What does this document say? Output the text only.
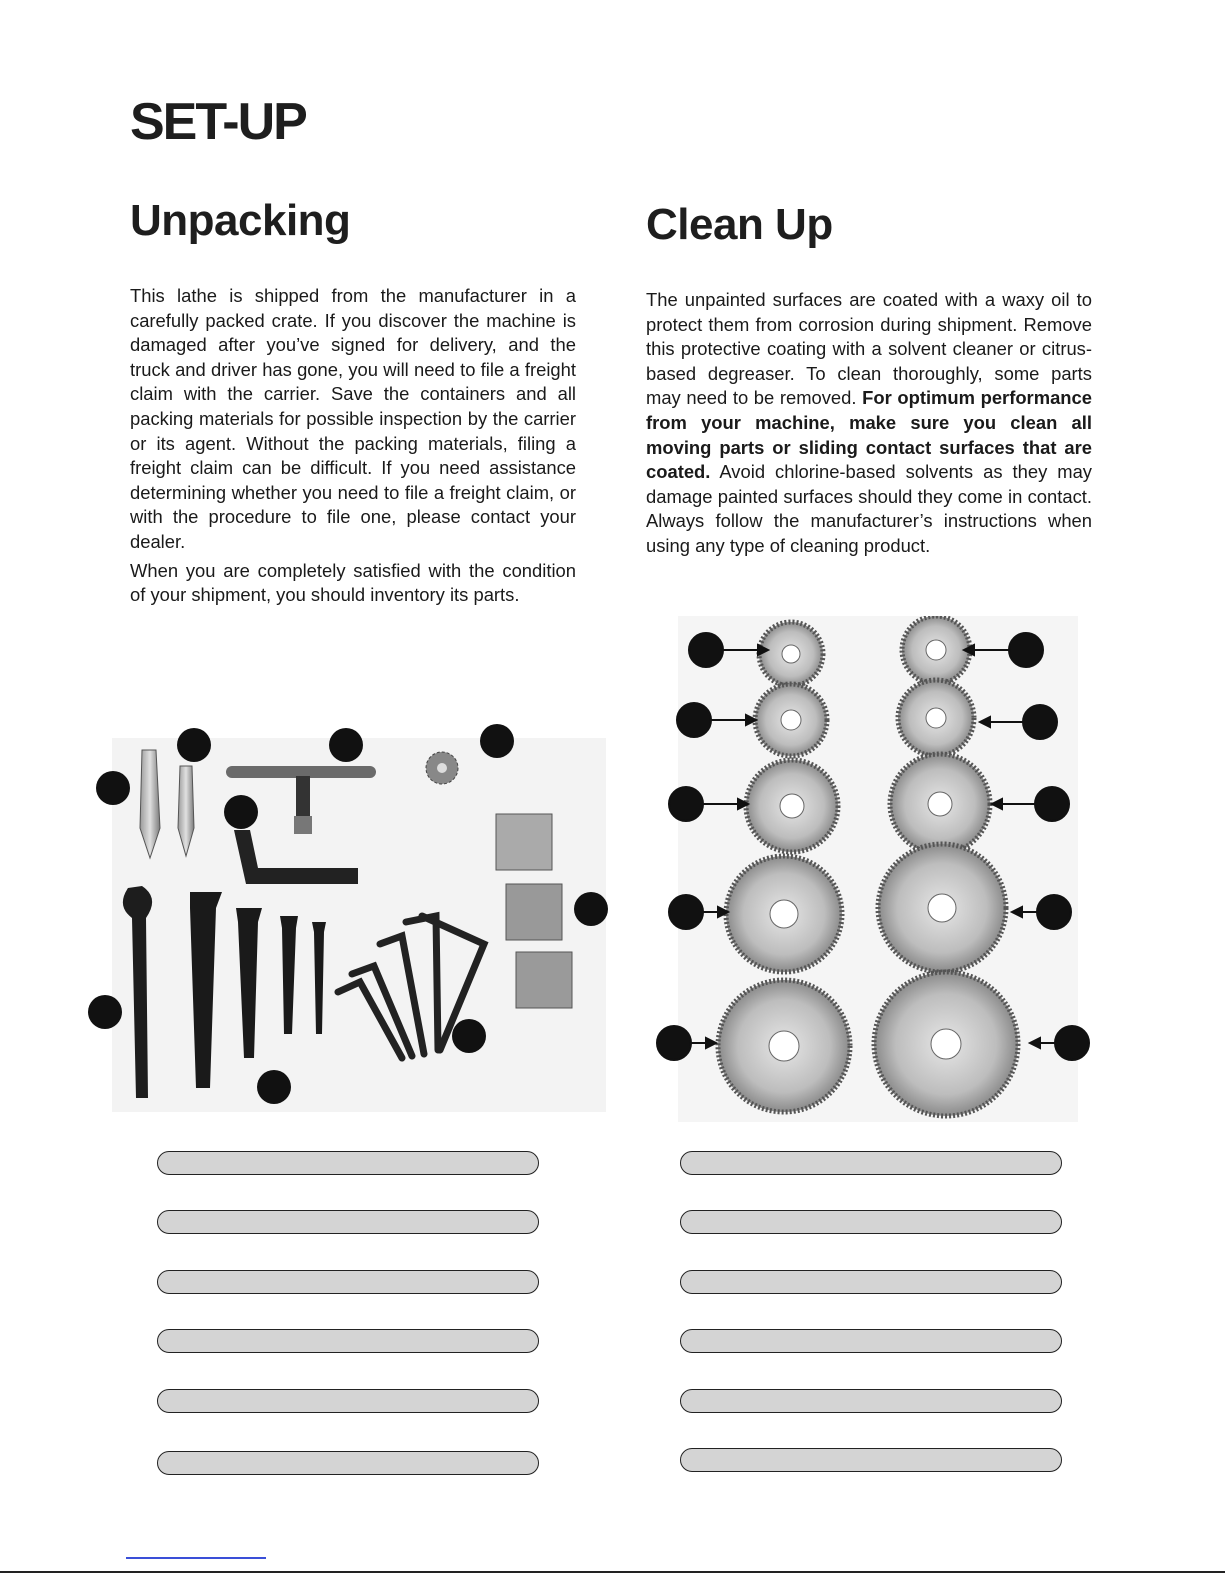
SET-UP
Unpacking

This lathe is shipped from the manufacturer in a carefully packed crate. If you discover the machine is damaged after you’ve signed for delivery, and the truck and driver has gone, you will need to file a freight claim with the carrier. Save the containers and all packing materials for possible inspection by the carrier or its agent. Without the packing materials, filing a freight claim can be difficult. If you need assistance determining whether you need to file a freight claim, or with the procedure to file one, please contact your dealer.

When you are completely satisfied with the condition of your shipment, you should inventory its parts.

Clean Up

The unpainted surfaces are coated with a waxy oil to protect them from corrosion during shipment. Remove this protective coating with a solvent cleaner or citrus-based degreaser. To clean thoroughly, some parts may need to be removed. For optimum performance from your machine, make sure you clean all moving parts or sliding contact surfaces that are coated. Avoid chlorine-based solvents as they may damage painted surfaces should they come in contact. Always follow the manufacturer’s instructions when using any type of cleaning product.
